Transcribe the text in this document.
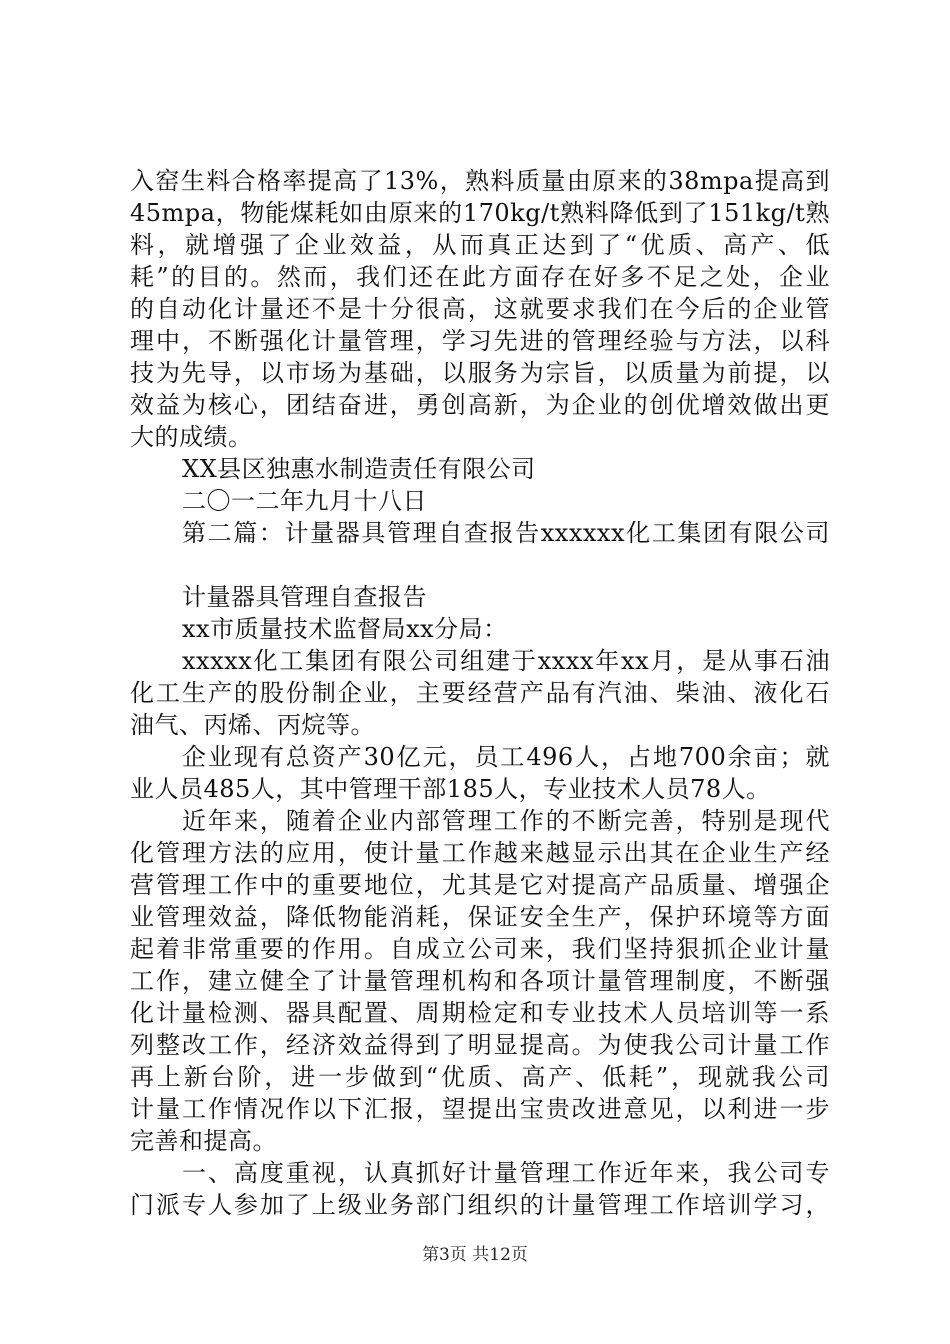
第3页 共12页
入窑生料合格率提高了13%，熟料质量由原来的38mpa提高到
45mpa，物能煤耗如由原来的170kg/t熟料降低到了151kg/t熟
料，就增强了企业效益，从而真正达到了“优质、高产、低
耗”的目的。然而，我们还在此方面存在好多不足之处，企业
的自动化计量还不是十分很高，这就要求我们在今后的企业管
理中，不断强化计量管理，学习先进的管理经验与方法，以科
技为先导，以市场为基础，以服务为宗旨，以质量为前提，以
效益为核心，团结奋进，勇创高新，为企业的创优增效做出更
大的成绩。
XX县区独惠水制造责任有限公司
二〇一二年九月十八日
第二篇：计量器具管理自查报告xxxxxx化工集团有限公司
计量器具管理自查报告
xx市质量技术监督局xx分局：
xxxxx化工集团有限公司组建于xxxx年xx月，是从事石油
化工生产的股份制企业，主要经营产品有汽油、柴油、液化石
油气、丙烯、丙烷等。
企业现有总资产30亿元，员工496人，占地700余亩；就
业人员485人，其中管理干部185人，专业技术人员78人。
近年来，随着企业内部管理工作的不断完善，特别是现代
化管理方法的应用，使计量工作越来越显示出其在企业生产经
营管理工作中的重要地位，尤其是它对提高产品质量、增强企
业管理效益，降低物能消耗，保证安全生产，保护环境等方面
起着非常重要的作用。自成立公司来，我们坚持狠抓企业计量
工作，建立健全了计量管理机构和各项计量管理制度，不断强
化计量检测、器具配置、周期检定和专业技术人员培训等一系
列整改工作，经济效益得到了明显提高。为使我公司计量工作
再上新台阶，进一步做到“优质、高产、低耗”，现就我公司
计量工作情况作以下汇报，望提出宝贵改进意见，以利进一步
完善和提高。
一、高度重视，认真抓好计量管理工作近年来，我公司专
门派专人参加了上级业务部门组织的计量管理工作培训学习，
